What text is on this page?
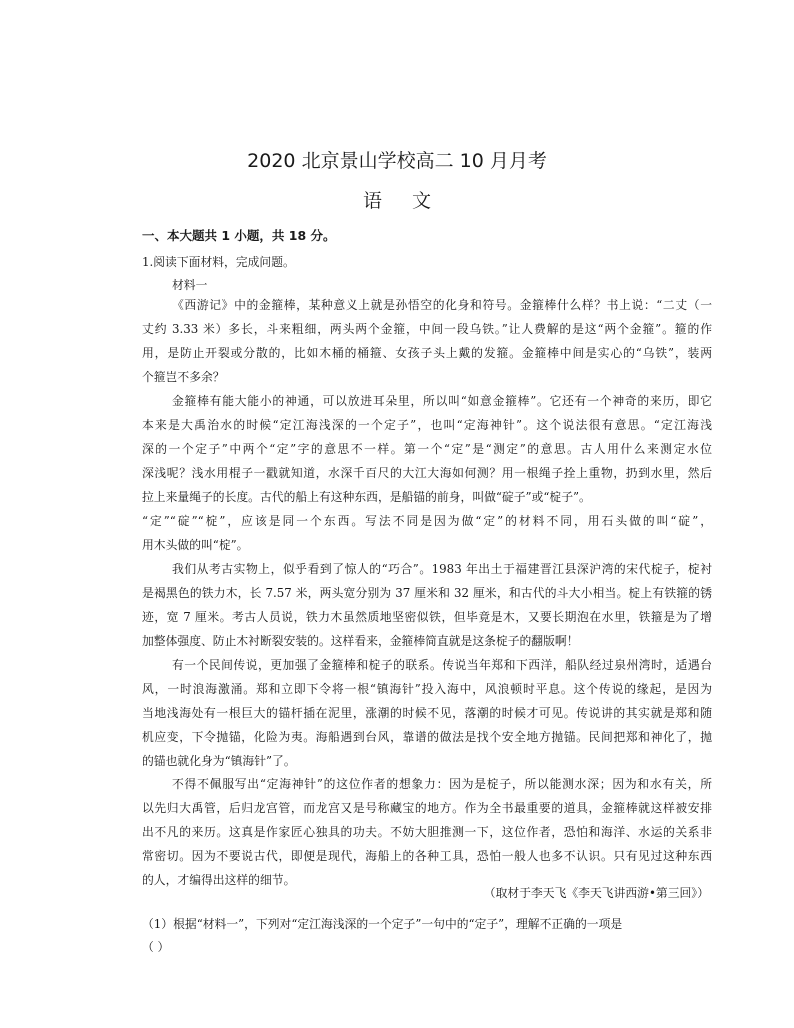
2020 北京景山学校高二 10 月月考
语文
一、本大题共 1 小题，共 18 分。
1.阅读下面材料，完成问题。
材料一
《西游记》中的金箍棒，某种意义上就是孙悟空的化身和符号。金箍棒什么样？书上说：“二丈（一
丈约 3.33 米）多长，斗来粗细，两头两个金箍，中间一段乌铁。”让人费解的是这“两个金箍”。箍的作
用，是防止开裂或分散的，比如木桶的桶箍、女孩子头上戴的发箍。金箍棒中间是实心的“乌铁”，装两
个箍岂不多余？
金箍棒有能大能小的神通，可以放进耳朵里，所以叫“如意金箍棒”。它还有一个神奇的来历，即它
本来是大禹治水的时候“定江海浅深的一个定子”，也叫“定海神针”。这个说法很有意思。“定江海浅
深的一个定子”中两个“定”字的意思不一样。第一个“定”是“测定”的意思。古人用什么来测定水位
深浅呢？浅水用棍子一戳就知道，水深千百尺的大江大海如何测？用一根绳子拴上重物，扔到水里，然后
拉上来量绳子的长度。古代的船上有这种东西，是船锚的前身，叫做“碇子”或“椗子”。
“定”“碇”“椗”，应该是同一个东西。写法不同是因为做“定”的材料不同，用石头做的叫“碇”，
用木头做的叫“椗”。
我们从考古实物上，似乎看到了惊人的“巧合”。1983 年出土于福建晋江县深沪湾的宋代椗子，椗衬
是褐黑色的铁力木，长 7.57 米，两头宽分别为 37 厘米和 32 厘米，和古代的斗大小相当。椗上有铁箍的锈
迹，宽 7 厘米。考古人员说，铁力木虽然质地坚密似铁，但毕竟是木，又要长期泡在水里，铁箍是为了增
加整体强度、防止木衬断裂安装的。这样看来，金箍棒简直就是这条椗子的翻版啊！
有一个民间传说，更加强了金箍棒和椗子的联系。传说当年郑和下西洋，船队经过泉州湾时，适遇台
风，一时浪海激涌。郑和立即下令将一根“镇海针”投入海中，风浪顿时平息。这个传说的缘起，是因为
当地浅海处有一根巨大的锚杆插在泥里，涨潮的时候不见，落潮的时候才可见。传说讲的其实就是郑和随
机应变，下令抛锚，化险为夷。海船遇到台风，靠谱的做法是找个安全地方抛锚。民间把郑和神化了，抛
的锚也就化身为“镇海针”了。
不得不佩服写出“定海神针”的这位作者的想象力：因为是椗子，所以能测水深；因为和水有关，所
以先归大禹管，后归龙宫管，而龙宫又是号称藏宝的地方。作为全书最重要的道具，金箍棒就这样被安排
出不凡的来历。这真是作家匠心独具的功夫。不妨大胆推测一下，这位作者，恐怕和海洋、水运的关系非
常密切。因为不要说古代，即便是现代，海船上的各种工具，恐怕一般人也多不认识。只有见过这种东西
的人，才编得出这样的细节。
（取材于李天飞《李天飞讲西游•第三回》）
（1）根据“材料一”，下列对“定江海浅深的一个定子”一句中的“定子”，理解不正确的一项是
（ ）
